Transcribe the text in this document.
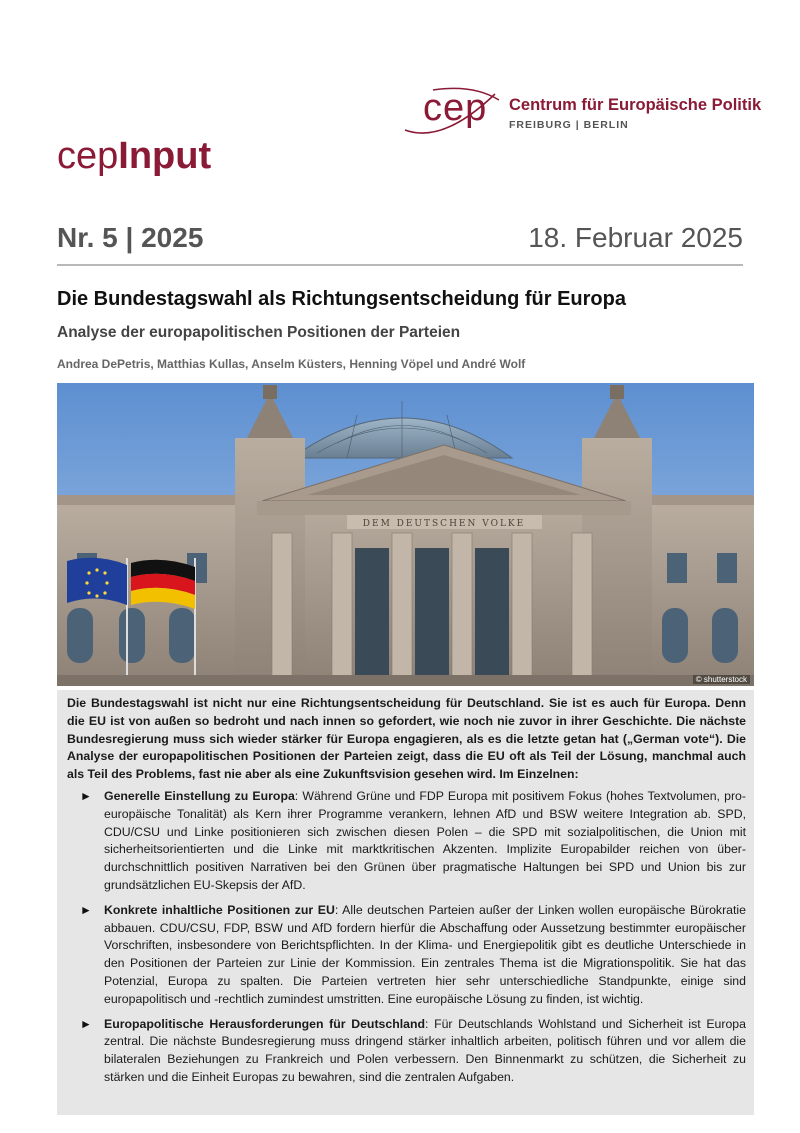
cep Centrum für Europäische Politik
FREIBURG | BERLIN
cepInput
Nr. 5 | 2025	18. Februar 2025
Die Bundestagswahl als Richtungsentscheidung für Europa
Analyse der europapolitischen Positionen der Parteien
Andrea DePetris, Matthias Kullas, Anselm Küsters, Henning Vöpel und André Wolf
DEM DEUTSCHEN VOLKE
© shutterstock

Die Bundestagswahl ist nicht nur eine Richtungsentscheidung für Deutschland. Sie ist es auch für Europa. Denn die EU ist von außen so bedroht und nach innen so gefordert, wie noch nie zuvor in ihrer Geschichte. Die nächste Bundesregierung muss sich wieder stärker für Europa engagieren, als es die letzte getan hat („German vote“). Die Analyse der europapolitischen Positionen der Parteien zeigt, dass die EU oft als Teil der Lösung, manchmal auch als Teil des Problems, fast nie aber als eine Zukunftsvision gesehen wird. Im Einzelnen:

► Generelle Einstellung zu Europa: Während Grüne und FDP Europa mit positivem Fokus (hohes Textvolumen, pro-europäische Tonalität) als Kern ihrer Programme verankern, lehnen AfD und BSW weitere Integration ab. SPD, CDU/CSU und Linke positionieren sich zwischen diesen Polen – die SPD mit sozialpolitischen, die Union mit sicherheitsorientierten und die Linke mit marktkritischen Akzenten. Implizite Europabilder reichen von über-durchschnittlich positiven Narrativen bei den Grünen über pragmatische Haltungen bei SPD und Union bis zur grundsätzlichen EU-Skepsis der AfD.
► Konkrete inhaltliche Positionen zur EU: Alle deutschen Parteien außer der Linken wollen europäische Bürokratie abbauen. CDU/CSU, FDP, BSW und AfD fordern hierfür die Abschaffung oder Aussetzung bestimmter europäischer Vorschriften, insbesondere von Berichtspflichten. In der Klima- und Energiepolitik gibt es deutliche Unterschiede in den Positionen der Parteien zur Linie der Kommission. Ein zentrales Thema ist die Migrationspolitik. Sie hat das Potenzial, Europa zu spalten. Die Parteien vertreten hier sehr unterschiedliche Standpunkte, einige sind europapolitisch und -rechtlich zumindest umstritten. Eine europäische Lösung zu finden, ist wichtig.
► Europapolitische Herausforderungen für Deutschland: Für Deutschlands Wohlstand und Sicherheit ist Europa zentral. Die nächste Bundesregierung muss dringend stärker inhaltlich arbeiten, politisch führen und vor allem die bilateralen Beziehungen zu Frankreich und Polen verbessern. Den Binnenmarkt zu schützen, die Sicherheit zu stärken und die Einheit Europas zu bewahren, sind die zentralen Aufgaben.
